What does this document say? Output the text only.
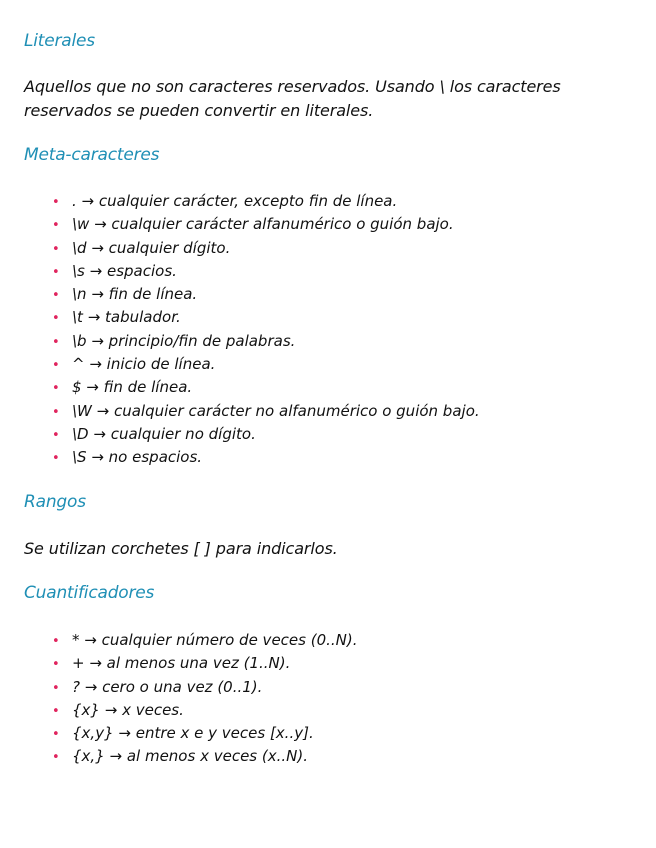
Literales
Aquellos que no son caracteres reservados. Usando \ los caracteres
reservados se pueden convertir en literales.
Meta-caracteres
• . → cualquier carácter, excepto fin de línea.
• \w → cualquier carácter alfanumérico o guión bajo.
• \d → cualquier dígito.
• \s → espacios.
• \n → fin de línea.
• \t → tabulador.
• \b → principio/fin de palabras.
• ^ → inicio de línea.
• $ → fin de línea.
• \W → cualquier carácter no alfanumérico o guión bajo.
• \D → cualquier no dígito.
• \S → no espacios.
Rangos
Se utilizan corchetes [ ] para indicarlos.
Cuantificadores
• * → cualquier número de veces (0..N).
• + → al menos una vez (1..N).
• ? → cero o una vez (0..1).
• {x} → x veces.
• {x,y} → entre x e y veces [x..y].
• {x,} → al menos x veces (x..N).
